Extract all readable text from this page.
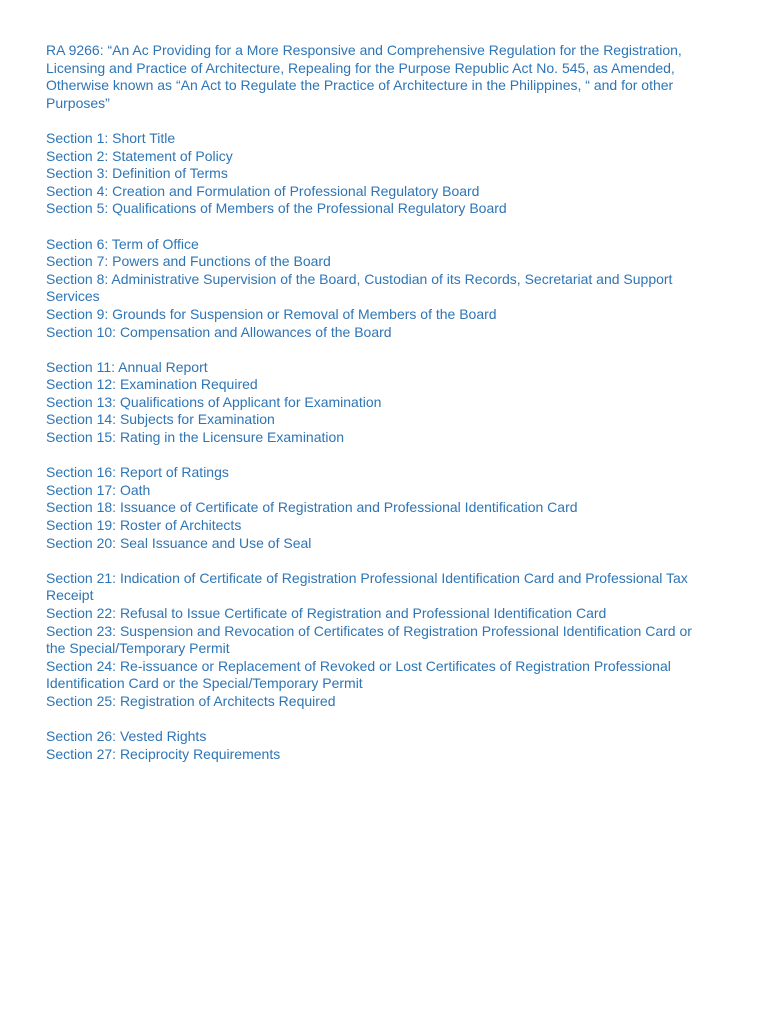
RA 9266: “An Ac Providing for a More Responsive and Comprehensive Regulation for the Registration, Licensing and Practice of Architecture, Repealing for the Purpose Republic Act No. 545, as Amended, Otherwise known as “An Act to Regulate the Practice of Architecture in the Philippines, “ and for other Purposes”
Section 1: Short Title
Section 2: Statement of Policy
Section 3: Definition of Terms
Section 4: Creation and Formulation of Professional Regulatory Board
Section 5: Qualifications of Members of the Professional Regulatory Board
Section 6: Term of Office
Section 7: Powers and Functions of the Board
Section 8: Administrative Supervision of the Board, Custodian of its Records, Secretariat and Support Services
Section 9: Grounds for Suspension or Removal of Members of the Board
Section 10: Compensation and Allowances of the Board
Section 11: Annual Report
Section 12: Examination Required
Section 13: Qualifications of Applicant for Examination
Section 14: Subjects for Examination
Section 15: Rating in the Licensure Examination
Section 16: Report of Ratings
Section 17: Oath
Section 18: Issuance of Certificate of Registration and Professional Identification Card
Section 19: Roster of Architects
Section 20: Seal Issuance and Use of Seal
Section 21: Indication of Certificate of Registration Professional Identification Card and Professional Tax Receipt
Section 22: Refusal to Issue Certificate of Registration and Professional Identification Card
Section 23: Suspension and Revocation of Certificates of Registration Professional Identification Card or the Special/Temporary Permit
Section 24: Re-issuance or Replacement of Revoked or Lost Certificates of Registration Professional Identification Card or the Special/Temporary Permit
Section 25: Registration of Architects Required
Section 26: Vested Rights
Section 27: Reciprocity Requirements
